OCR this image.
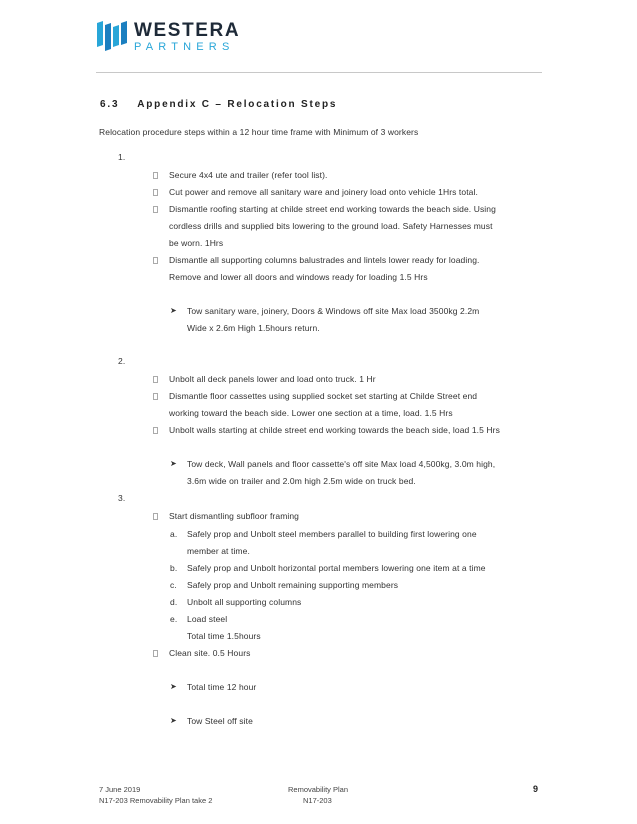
WESTERA
PARTNERS
6.3    Appendix C – Relocation Steps
Relocation procedure steps within a 12 hour time frame with Minimum of 3 workers
1.
Secure 4x4 ute and trailer (refer tool list).
Cut power and remove all sanitary ware and joinery load onto vehicle 1Hrs total.
Dismantle roofing starting at childe street end working towards the beach side. Using
cordless drills and supplied bits lowering to the ground load. Safety Harnesses must
be worn. 1Hrs
Dismantle all supporting columns balustrades and lintels lower ready for loading.
Remove and lower all doors and windows ready for loading 1.5 Hrs
➤ Tow sanitary ware, joinery, Doors & Windows off site Max load 3500kg 2.2m
Wide x 2.6m High 1.5hours return.
2.
Unbolt all deck panels lower and load onto truck. 1 Hr
Dismantle floor cassettes using supplied socket set starting at Childe Street end
working toward the beach side. Lower one section at a time, load. 1.5 Hrs
Unbolt walls starting at childe street end working towards the beach side, load 1.5 Hrs
➤ Tow deck, Wall panels and floor cassette's off site Max load 4,500kg, 3.0m high,
3.6m wide on trailer and 2.0m high 2.5m wide on truck bed.
3.
Start dismantling subfloor framing
a. Safely prop and Unbolt steel members parallel to building first lowering one
member at time.
b. Safely prop and Unbolt horizontal portal members lowering one item at a time
c. Safely prop and Unbolt remaining supporting members
d. Unbolt all supporting columns
e. Load steel
Total time 1.5hours
Clean site. 0.5 Hours
➤ Total time 12 hour
➤ Tow Steel off site
7 June 2019
N17-203 Removability Plan take 2
Removability Plan
N17-203
9
